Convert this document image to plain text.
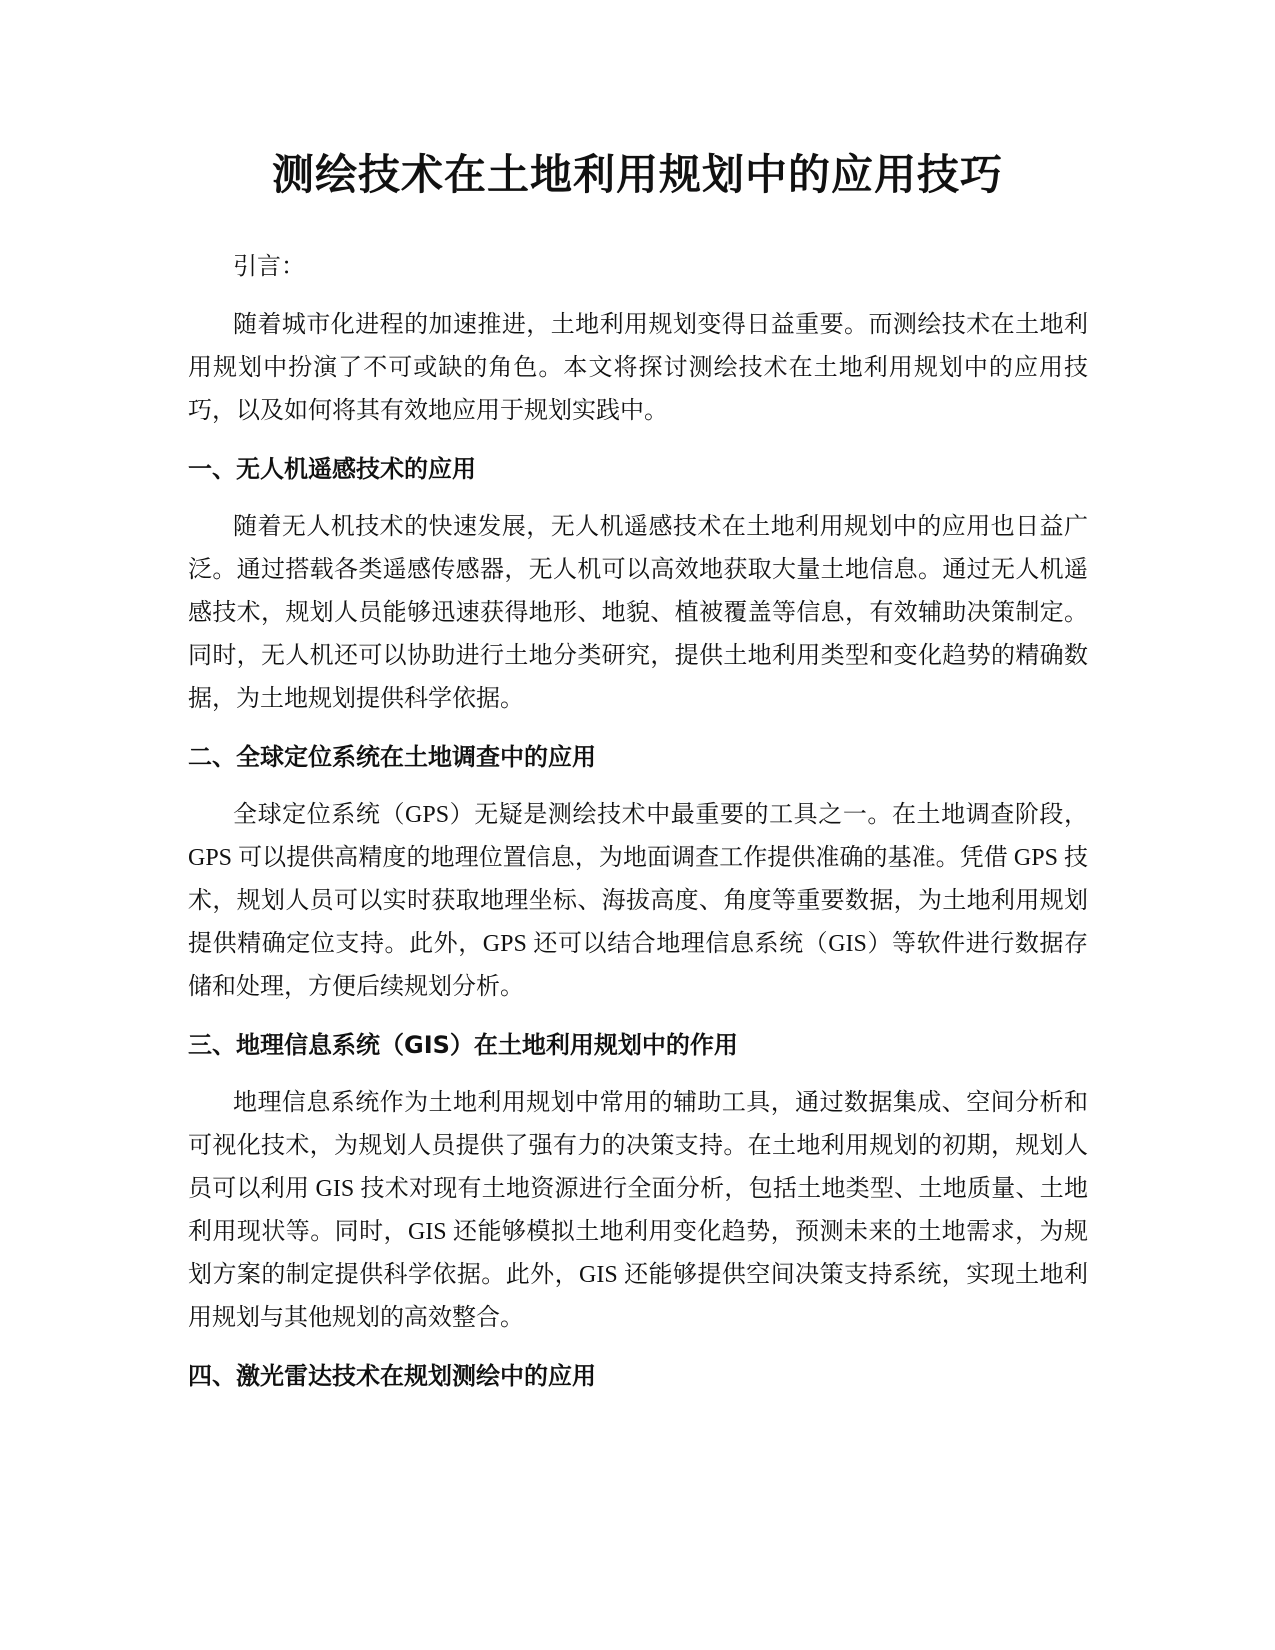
测绘技术在土地利用规划中的应用技巧

引言：

随着城市化进程的加速推进，土地利用规划变得日益重要。而测绘技术在土地利用规划中扮演了不可或缺的角色。本文将探讨测绘技术在土地利用规划中的应用技巧，以及如何将其有效地应用于规划实践中。

一、无人机遥感技术的应用

随着无人机技术的快速发展，无人机遥感技术在土地利用规划中的应用也日益广泛。通过搭载各类遥感传感器，无人机可以高效地获取大量土地信息。通过无人机遥感技术，规划人员能够迅速获得地形、地貌、植被覆盖等信息，有效辅助决策制定。同时，无人机还可以协助进行土地分类研究，提供土地利用类型和变化趋势的精确数据，为土地规划提供科学依据。

二、全球定位系统在土地调查中的应用

全球定位系统（GPS）无疑是测绘技术中最重要的工具之一。在土地调查阶段，GPS 可以提供高精度的地理位置信息，为地面调查工作提供准确的基准。凭借 GPS 技术，规划人员可以实时获取地理坐标、海拔高度、角度等重要数据，为土地利用规划提供精确定位支持。此外，GPS 还可以结合地理信息系统（GIS）等软件进行数据存储和处理，方便后续规划分析。

三、地理信息系统（GIS）在土地利用规划中的作用

地理信息系统作为土地利用规划中常用的辅助工具，通过数据集成、空间分析和可视化技术，为规划人员提供了强有力的决策支持。在土地利用规划的初期，规划人员可以利用 GIS 技术对现有土地资源进行全面分析，包括土地类型、土地质量、土地利用现状等。同时，GIS 还能够模拟土地利用变化趋势，预测未来的土地需求，为规划方案的制定提供科学依据。此外，GIS 还能够提供空间决策支持系统，实现土地利用规划与其他规划的高效整合。

四、激光雷达技术在规划测绘中的应用
